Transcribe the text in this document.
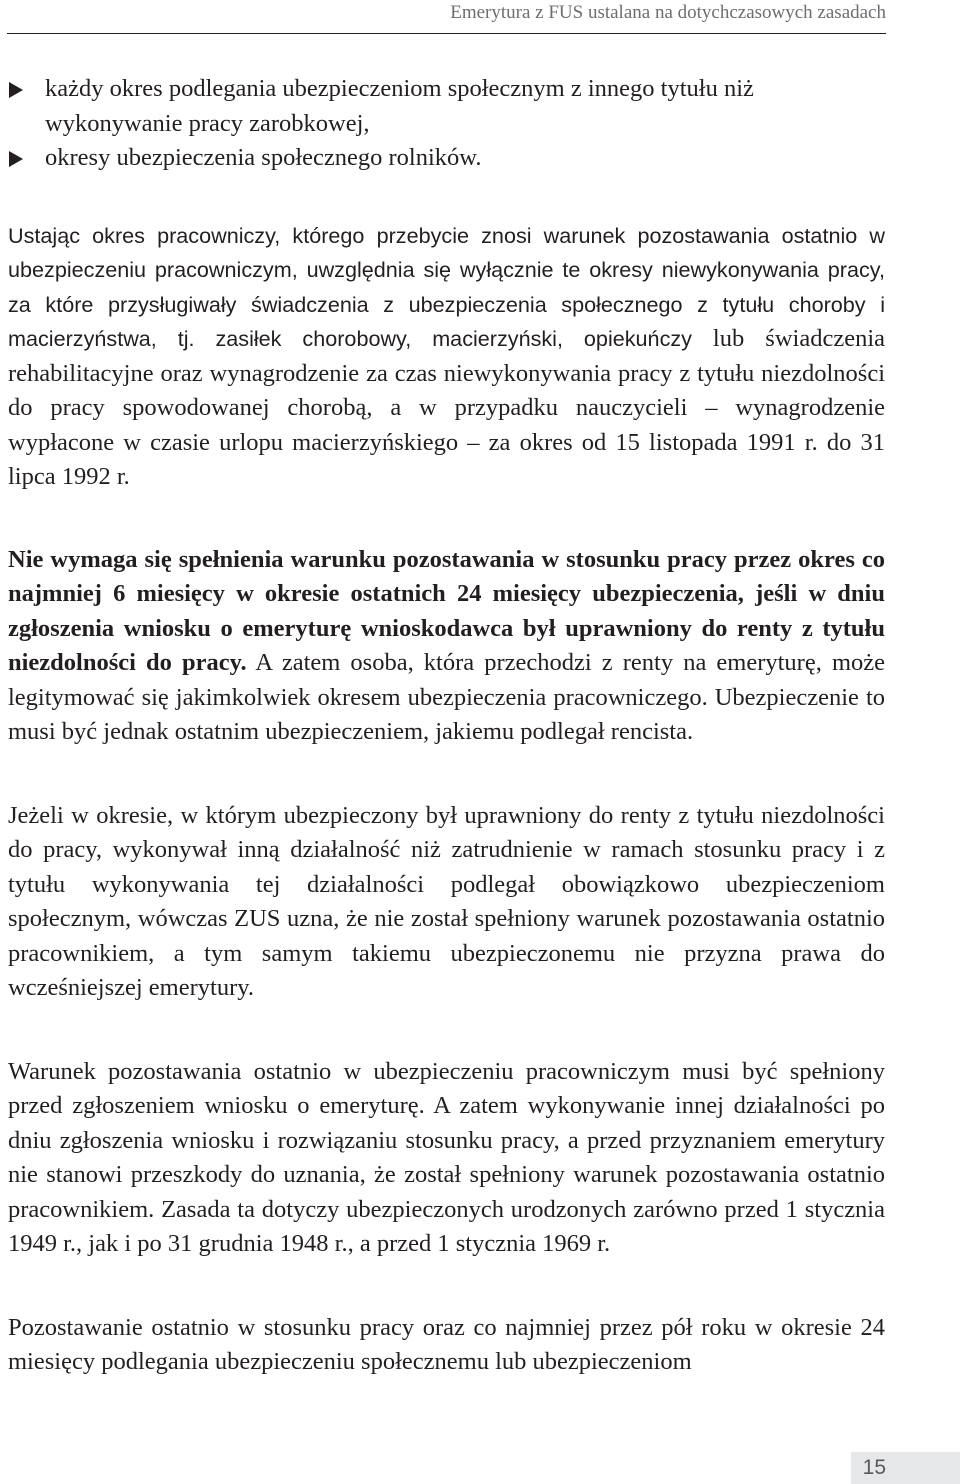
Emerytura z FUS ustalana na dotychczasowych zasadach
każdy okres podlegania ubezpieczeniom społecznym z innego tytułu niż wykonywanie pracy zarobkowej,
okresy ubezpieczenia społecznego rolników.

Ustając okres pracowniczy, którego przebycie znosi warunek pozostawania ostatnio w ubezpieczeniu pracowniczym, uwzględnia się wyłącznie te okresy niewykonywania pracy, za które przysługiwały świadczenia z ubezpieczenia społecznego z tytułu choroby i macierzyństwa, tj. zasiłek chorobowy, macierzyński, opiekuńczy lub świadczenia rehabilitacyjne oraz wynagrodzenie za czas niewykonywania pracy z tytułu niezdolności do pracy spowodowanej chorobą, a w przypadku nauczycieli – wynagrodzenie wypłacone w czasie urlopu macierzyńskiego – za okres od 15 listopada 1991 r. do 31 lipca 1992 r.

Nie wymaga się spełnienia warunku pozostawania w stosunku pracy przez okres co najmniej 6 miesięcy w okresie ostatnich 24 miesięcy ubezpieczenia, jeśli w dniu zgłoszenia wniosku o emeryturę wnioskodawca był uprawniony do renty z tytułu niezdolności do pracy. A zatem osoba, która przechodzi z renty na emeryturę, może legitymować się jakimkolwiek okresem ubezpieczenia pracowniczego. Ubezpieczenie to musi być jednak ostatnim ubezpieczeniem, jakiemu podlegał rencista.

Jeżeli w okresie, w którym ubezpieczony był uprawniony do renty z tytułu niezdolności do pracy, wykonywał inną działalność niż zatrudnienie w ramach stosunku pracy i z tytułu wykonywania tej działalności podlegał obowiązkowo ubezpieczeniom społecznym, wówczas ZUS uzna, że nie został spełniony warunek pozostawania ostatnio pracownikiem, a tym samym takiemu ubezpieczonemu nie przyzna prawa do wcześniejszej emerytury.

Warunek pozostawania ostatnio w ubezpieczeniu pracowniczym musi być spełniony przed zgłoszeniem wniosku o emeryturę. A zatem wykonywanie innej działalności po dniu zgłoszenia wniosku i rozwiązaniu stosunku pracy, a przed przyznaniem emerytury nie stanowi przeszkody do uznania, że został spełniony warunek pozostawania ostatnio pracownikiem. Zasada ta dotyczy ubezpieczonych urodzonych zarówno przed 1 stycznia 1949 r., jak i po 31 grudnia 1948 r., a przed 1 stycznia 1969 r.

Pozostawanie ostatnio w stosunku pracy oraz co najmniej przez pół roku w okresie 24 miesięcy podlegania ubezpieczeniu społecznemu lub ubezpieczeniom

15
